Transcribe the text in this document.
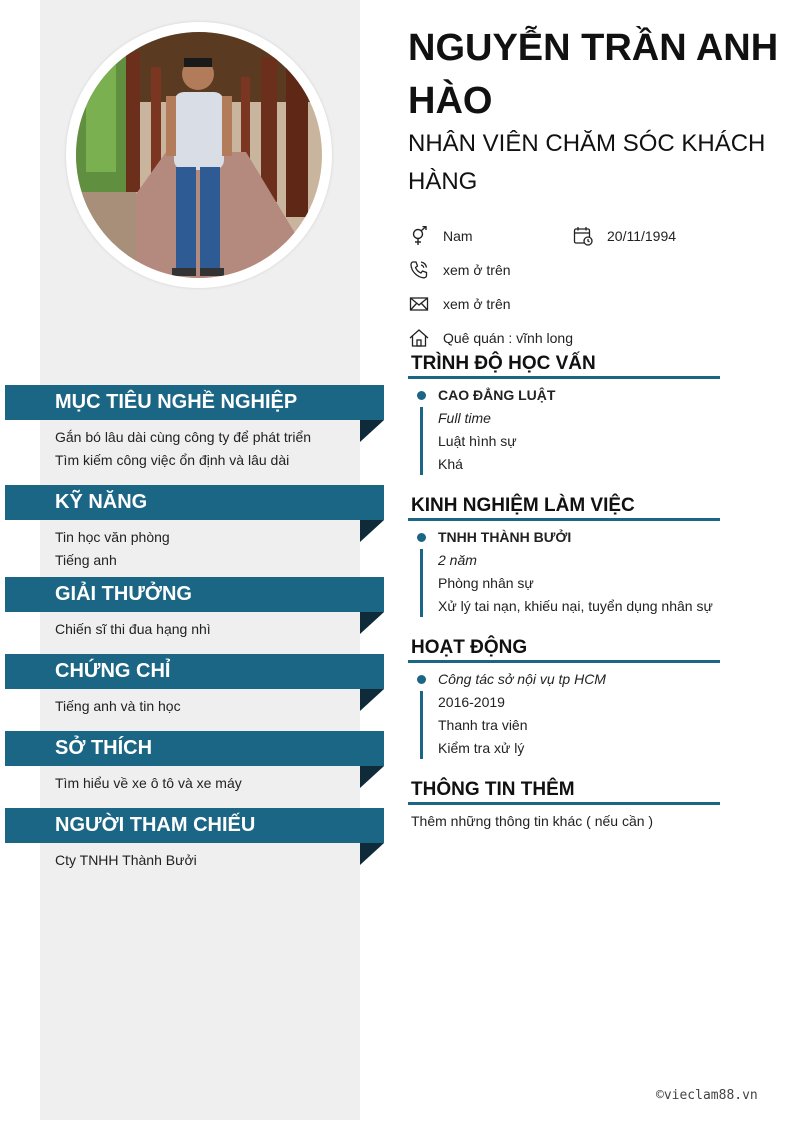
NGUYỄN TRẦN ANH HÀO
NHÂN VIÊN CHĂM SÓC KHÁCH HÀNG
Nam	20/11/1994
xem ở trên
xem ở trên
Quê quán : vĩnh long
MỤC TIÊU NGHỀ NGHIỆP
Gắn bó lâu dài cùng công ty để phát triển
Tìm kiếm công việc ổn định và lâu dài
KỸ NĂNG
Tin học văn phòng
Tiếng anh
GIẢI THƯỞNG
Chiến sĩ thi đua hạng nhì
CHỨNG CHỈ
Tiếng anh và tin học
SỞ THÍCH
Tìm hiểu về xe ô tô và xe máy
NGƯỜI THAM CHIẾU
Cty TNHH Thành Bưởi
TRÌNH ĐỘ HỌC VẤN
CAO ĐẲNG LUẬT
Full time
Luật hình sự
Khá
KINH NGHIỆM LÀM VIỆC
TNHH THÀNH BƯỞI
2 năm
Phòng nhân sự
Xử lý tai nạn, khiếu nại, tuyển dụng nhân sự
HOẠT ĐỘNG
Công tác sở nội vụ tp HCM
2016-2019
Thanh tra viên
Kiểm tra xử lý
THÔNG TIN THÊM
Thêm những thông tin khác ( nếu cần )
©vieclam88.vn
